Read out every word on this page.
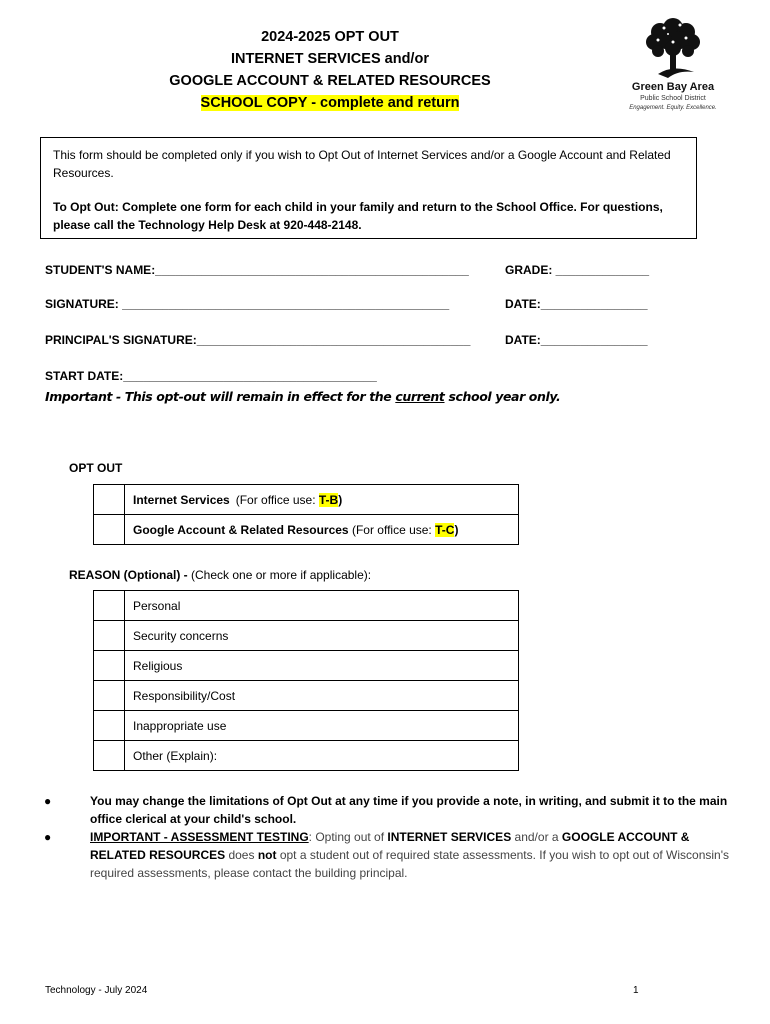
2024-2025 OPT OUT
INTERNET SERVICES and/or
GOOGLE ACCOUNT & RELATED RESOURCES
SCHOOL COPY - complete and return
Green Bay Area
Public School District
Engagement. Equity. Excellence.

This form should be completed only if you wish to Opt Out of Internet Services and/or a Google Account and Related Resources.

To Opt Out: Complete one form for each child in your family and return to the School Office. For questions, please call the Technology Help Desk at 920-448-2148.

STUDENT'S NAME:_______________________________________________	GRADE: ______________
SIGNATURE: _________________________________________________	DATE:________________
PRINCIPAL'S SIGNATURE:_________________________________________	DATE:________________
START DATE:______________________________________
Important - This opt-out will remain in effect for the current school year only.
OPT OUT
	Internet Services (For office use: T-B)
	Google Account & Related Resources (For office use: T-C)
REASON (Optional) - (Check one or more if applicable):
	Personal
	Security concerns
	Religious
	Responsibility/Cost
	Inappropriate use
	Other (Explain):
●	You may change the limitations of Opt Out at any time if you provide a note, in writing, and submit it to the main office clerical at your child's school.
●	IMPORTANT - ASSESSMENT TESTING: Opting out of INTERNET SERVICES and/or a GOOGLE ACCOUNT & RELATED RESOURCES does not opt a student out of required state assessments. If you wish to opt out of Wisconsin's required assessments, please contact the building principal.
Technology - July 2024	1
